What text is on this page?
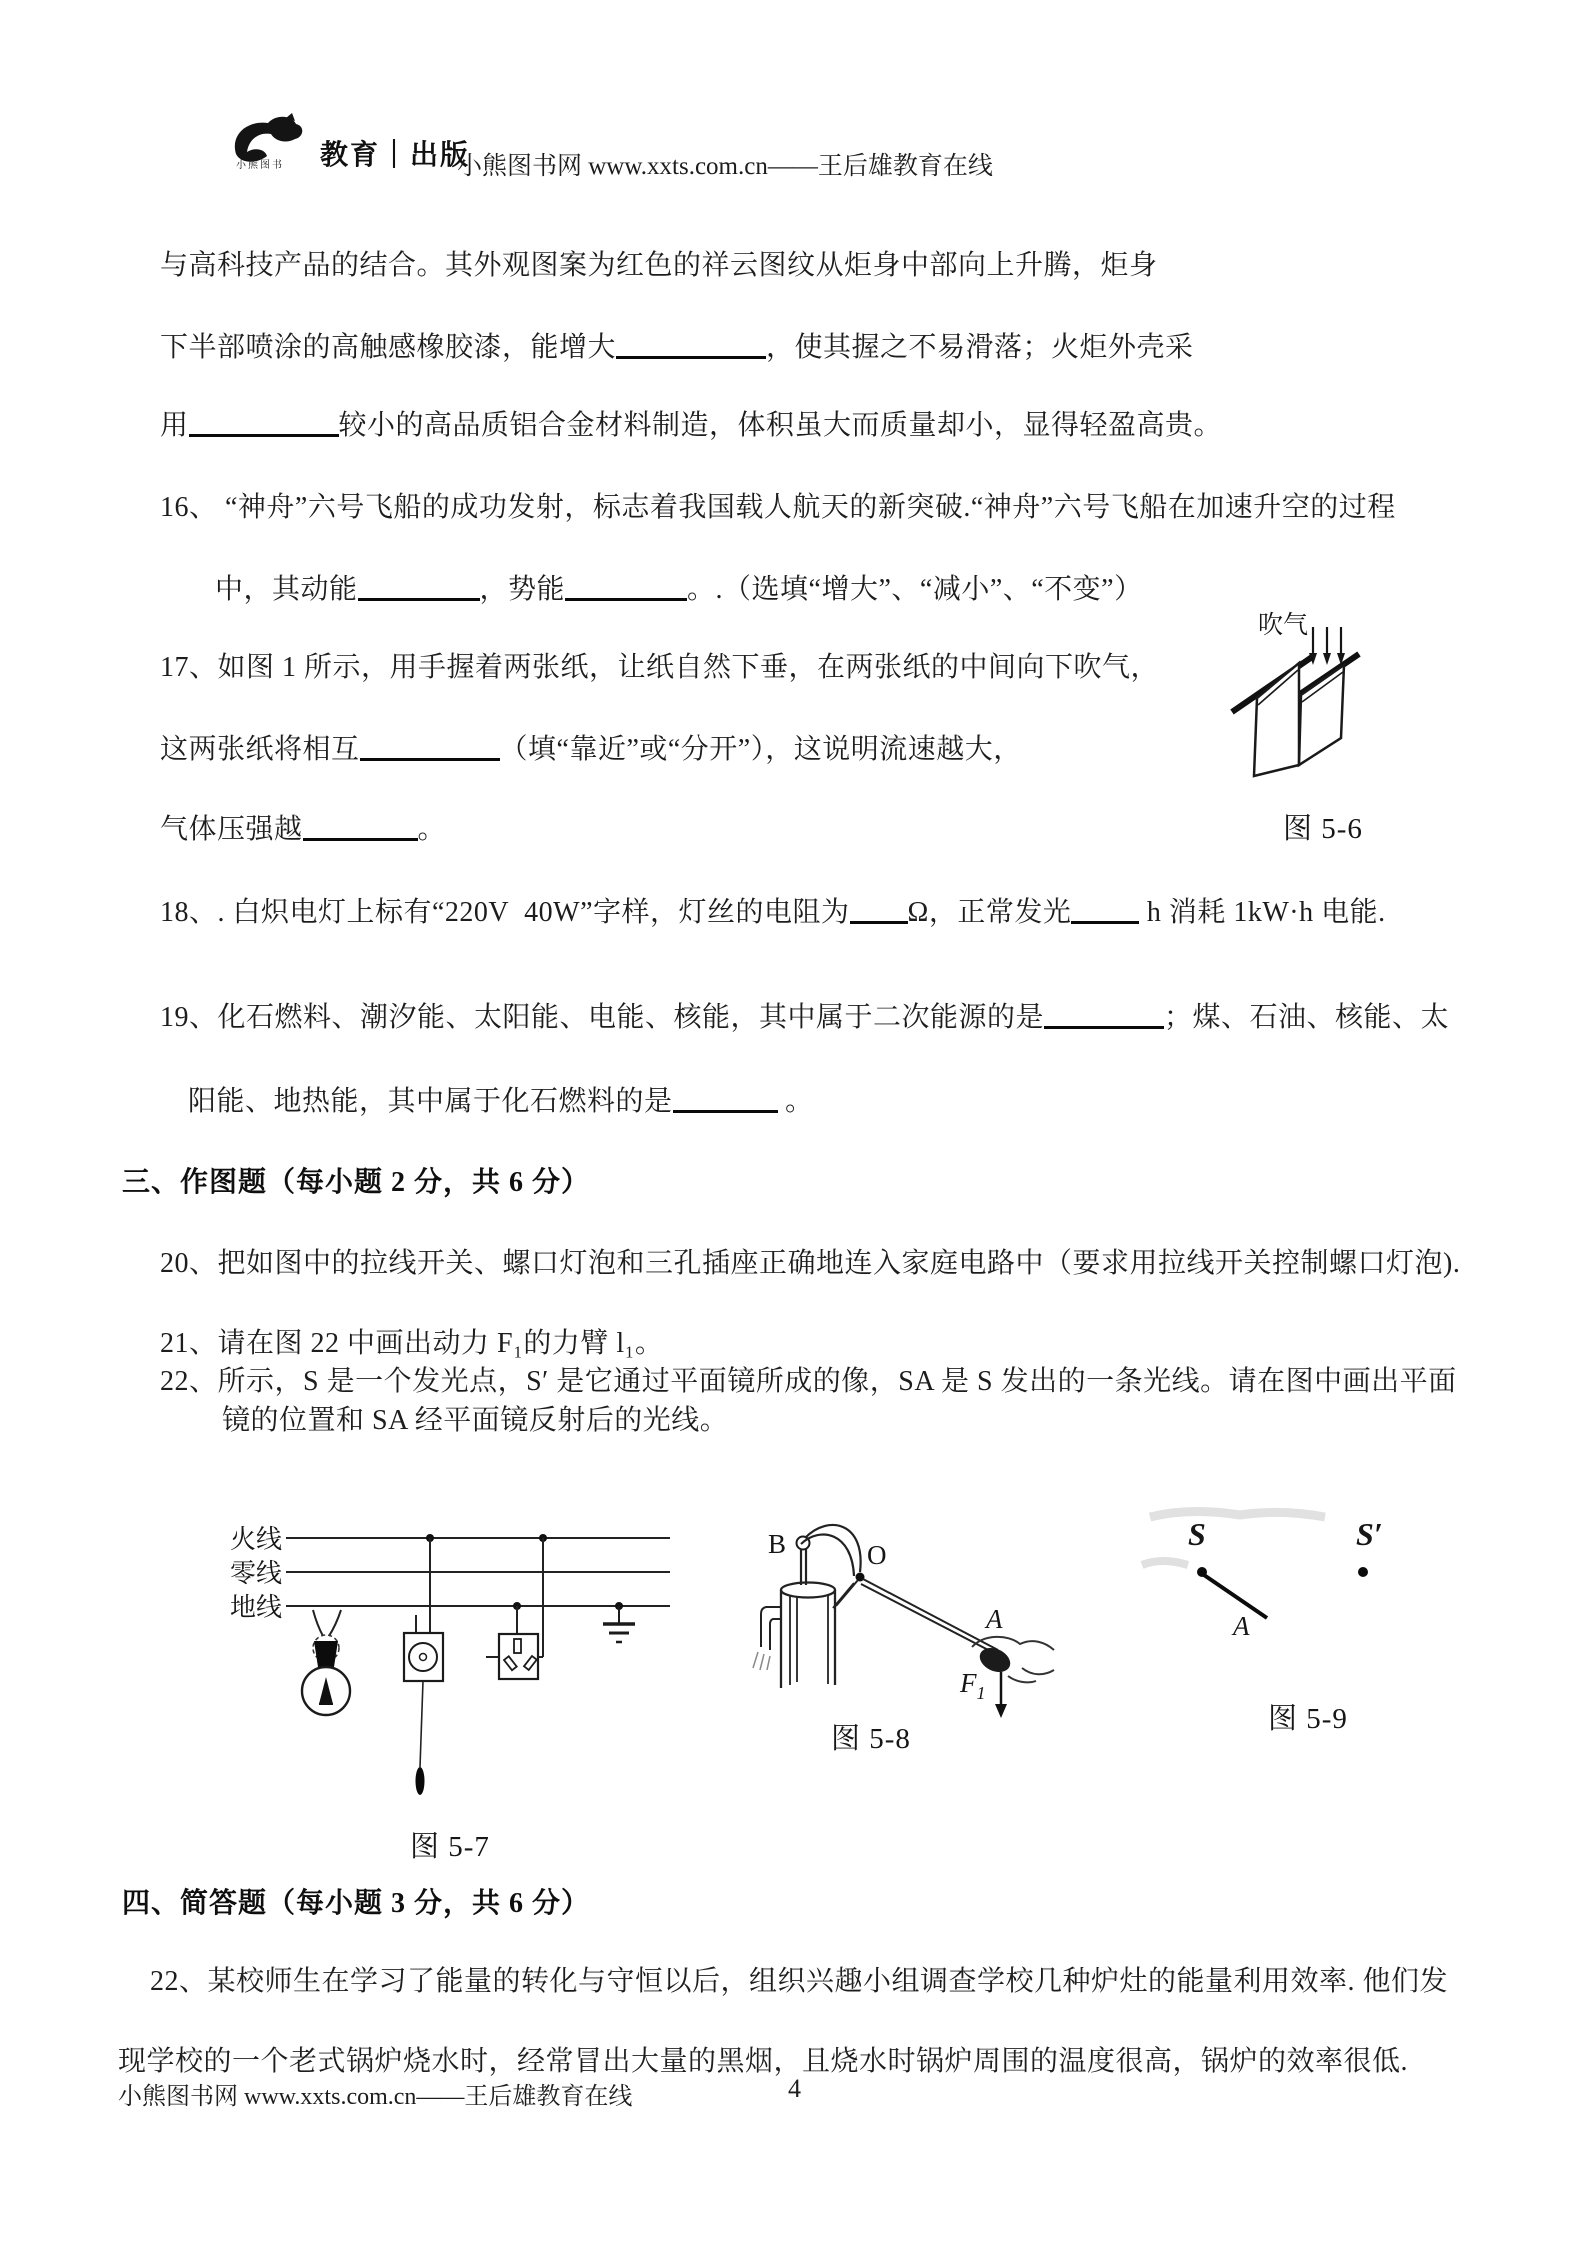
小熊图书 教育｜出版
小熊图书网 www.xxts.com.cn——王后雄教育在线
与高科技产品的结合。其外观图案为红色的祥云图纹从炬身中部向上升腾，炬身
下半部喷涂的高触感橡胶漆，能增大	，使其握之不易滑落；火炬外壳采
用	较小的高品质铝合金材料制造，体积虽大而质量却小，显得轻盈高贵。
16、 “神舟”六号飞船的成功发射，标志着我国载人航天的新突破.“神舟”六号飞船在加速升空的过程
中，其动能	，势能	。.（选填“增大”、“减小”、“不变”）
17、如图 1 所示，用手握着两张纸，让纸自然下垂，在两张纸的中间向下吹气，
这两张纸将相互	（填“靠近”或“分开”），这说明流速越大，
气体压强越	。
吹气
图 5-6
18、. 白炽电灯上标有“220V  40W”字样，灯丝的电阻为 Ω，正常发光 h 消耗 1kW·h 电能.
19、化石燃料、潮汐能、太阳能、电能、核能，其中属于二次能源的是	；煤、石油、核能、太
阳能、地热能，其中属于化石燃料的是	。
三、作图题（每小题 2 分，共 6 分）
20、把如图中的拉线开关、螺口灯泡和三孔插座正确地连入家庭电路中（要求用拉线开关控制螺口灯泡).
21、请在图 22 中画出动力 F₁的力臂 l₁。
22、所示，S 是一个发光点，S′ 是它通过平面镜所成的像，SA 是 S 发出的一条光线。请在图中画出平面
镜的位置和 SA 经平面镜反射后的光线。
火线
零线
地线
图 5-7
B	O
A
$F_1$
图 5-8
S
A
S′
图 5-9
四、简答题（每小题 3 分，共 6 分）
22、某校师生在学习了能量的转化与守恒以后，组织兴趣小组调查学校几种炉灶的能量利用效率. 他们发
现学校的一个老式锅炉烧水时，经常冒出大量的黑烟，且烧水时锅炉周围的温度很高，锅炉的效率很低.
小熊图书网 www.xxts.com.cn——王后雄教育在线	4
